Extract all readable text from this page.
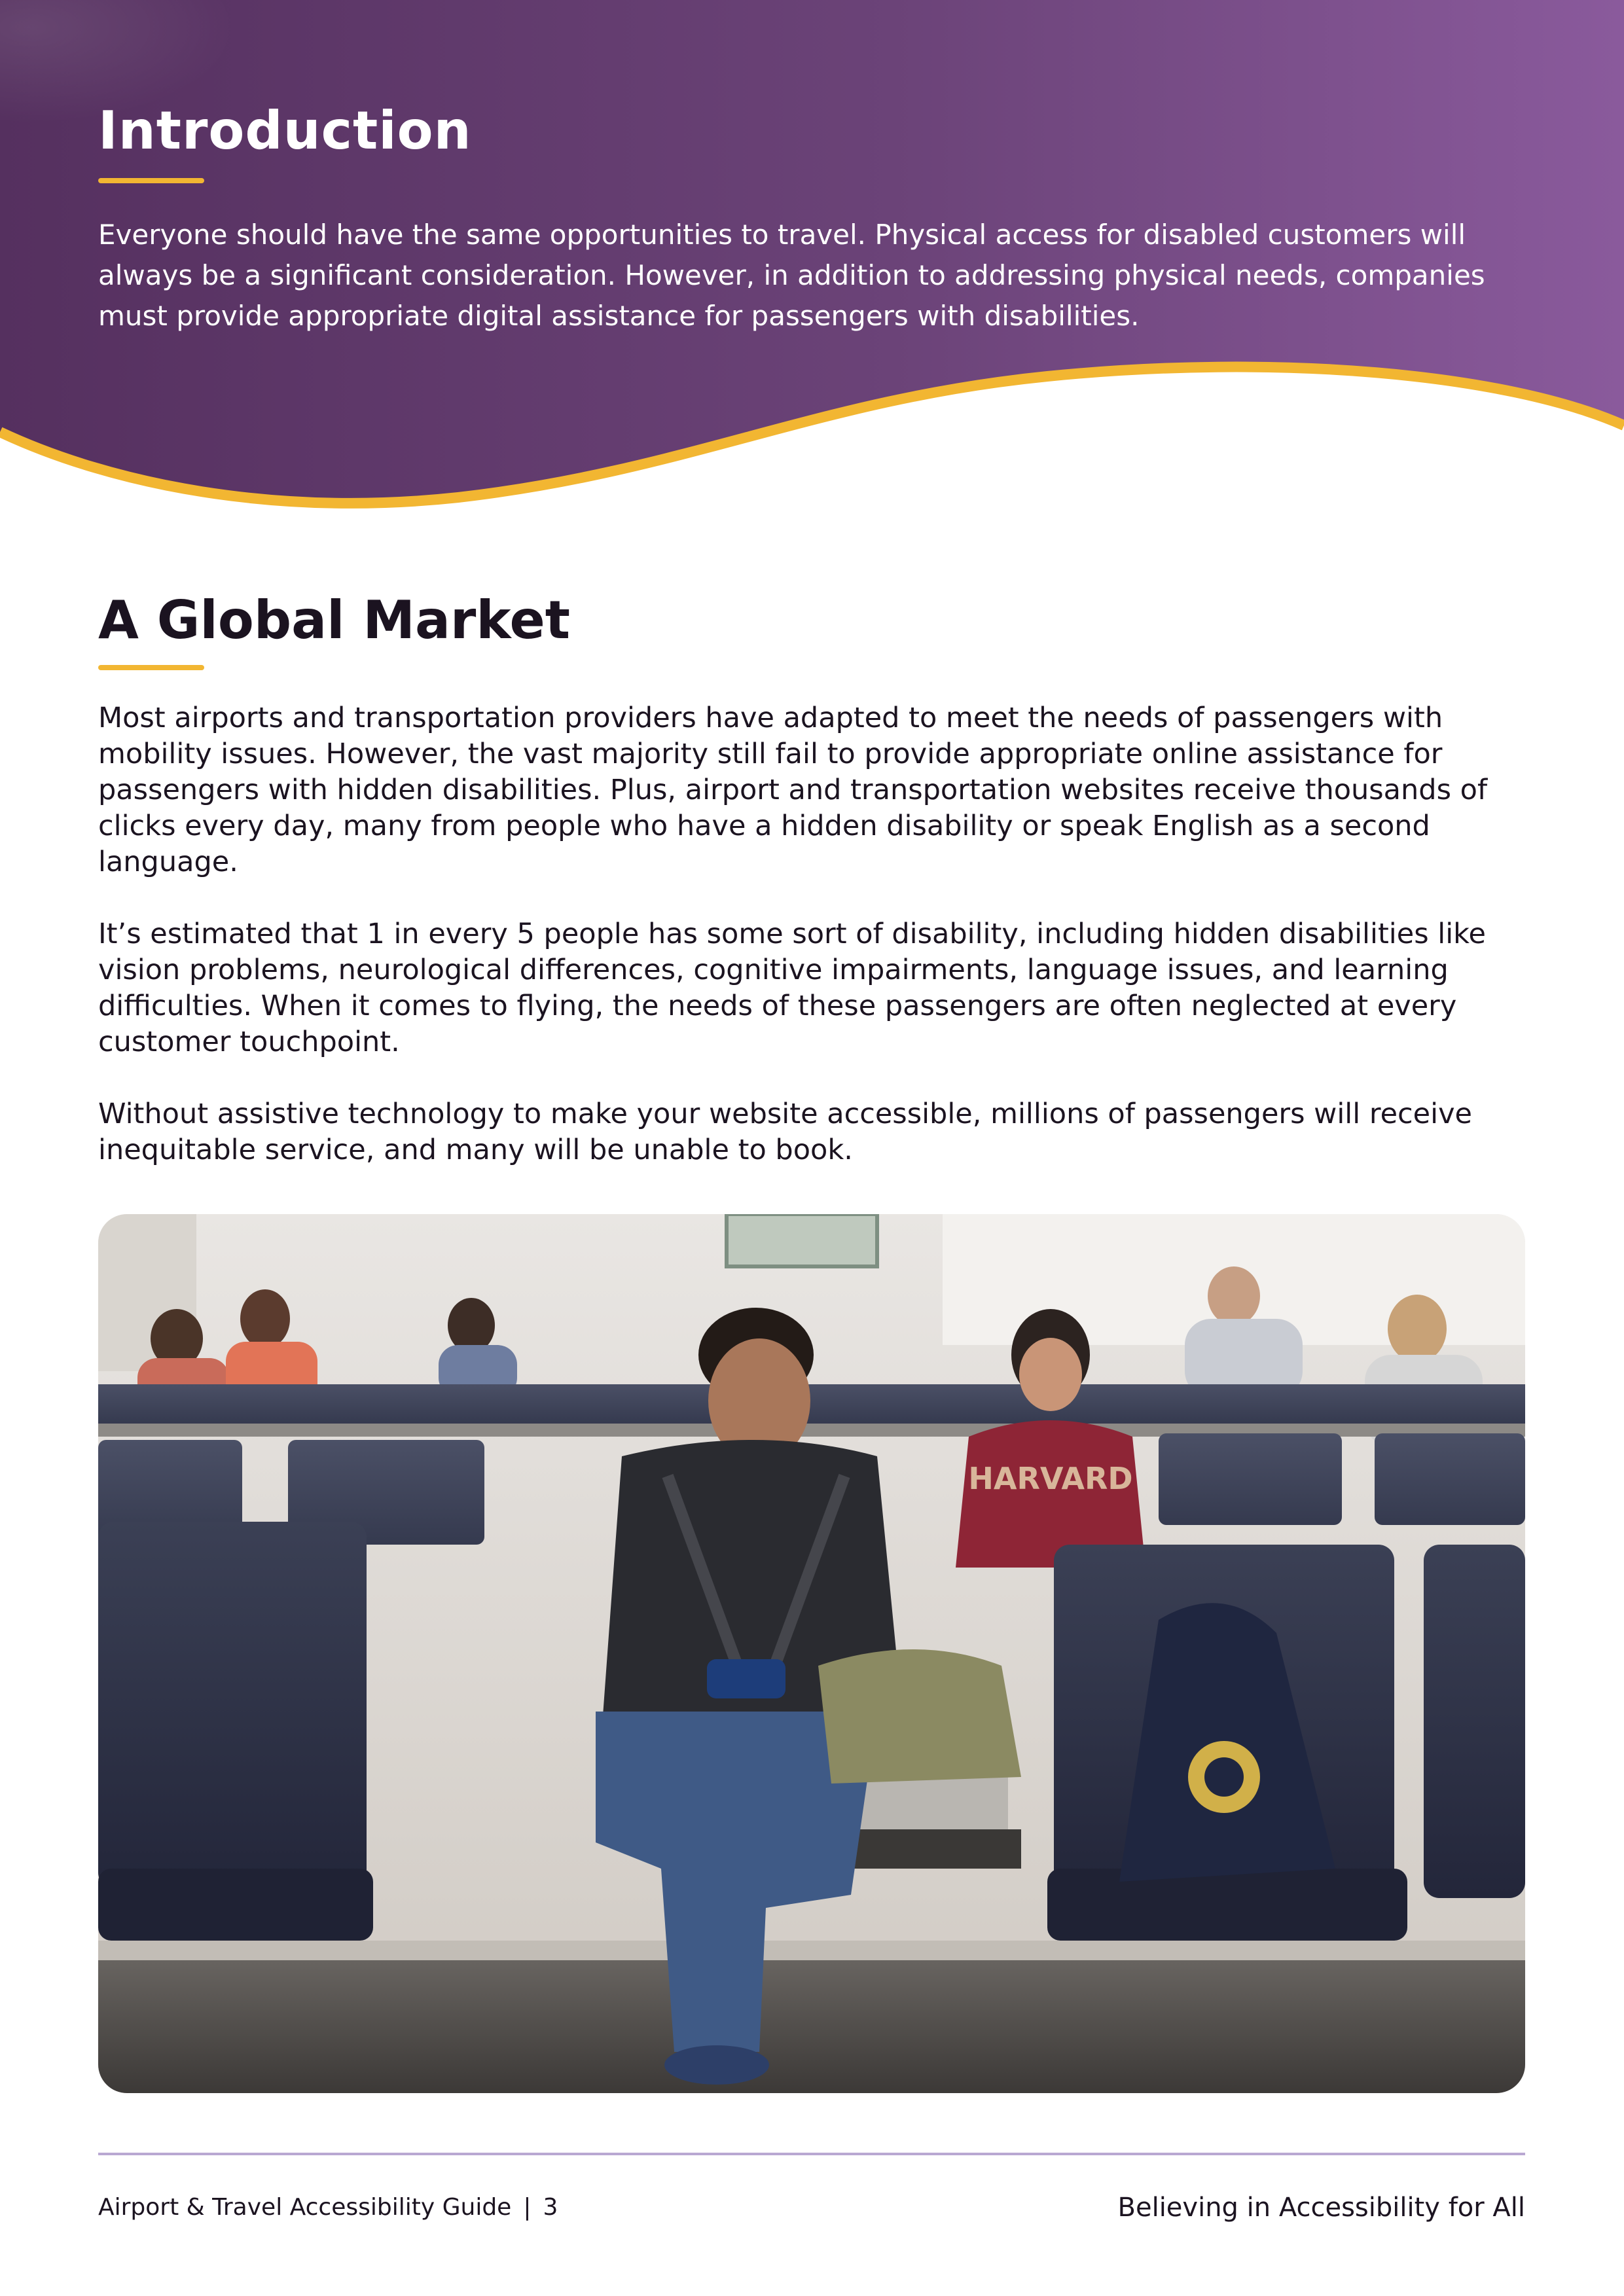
Introduction

Everyone should have the same opportunities to travel. Physical access for disabled customers will always be a significant consideration. However, in addition to addressing physical needs, companies must provide appropriate digital assistance for passengers with disabilities.

A Global Market

Most airports and transportation providers have adapted to meet the needs of passengers with mobility issues. However, the vast majority still fail to provide appropriate online assistance for passengers with hidden disabilities. Plus, airport and transportation websites receive thousands of clicks every day, many from people who have a hidden disability or speak English as a second language.

It’s estimated that 1 in every 5 people has some sort of disability, including hidden disabilities like vision problems, neurological differences, cognitive impairments, language issues, and learning difficulties. When it comes to flying, the needs of these passengers are often neglected at every customer touchpoint.

Without assistive technology to make your website accessible, millions of passengers will receive inequitable service, and many will be unable to book.

HARVARD
Airport & Travel Accessibility Guide | 3	Believing in Accessibility for All
